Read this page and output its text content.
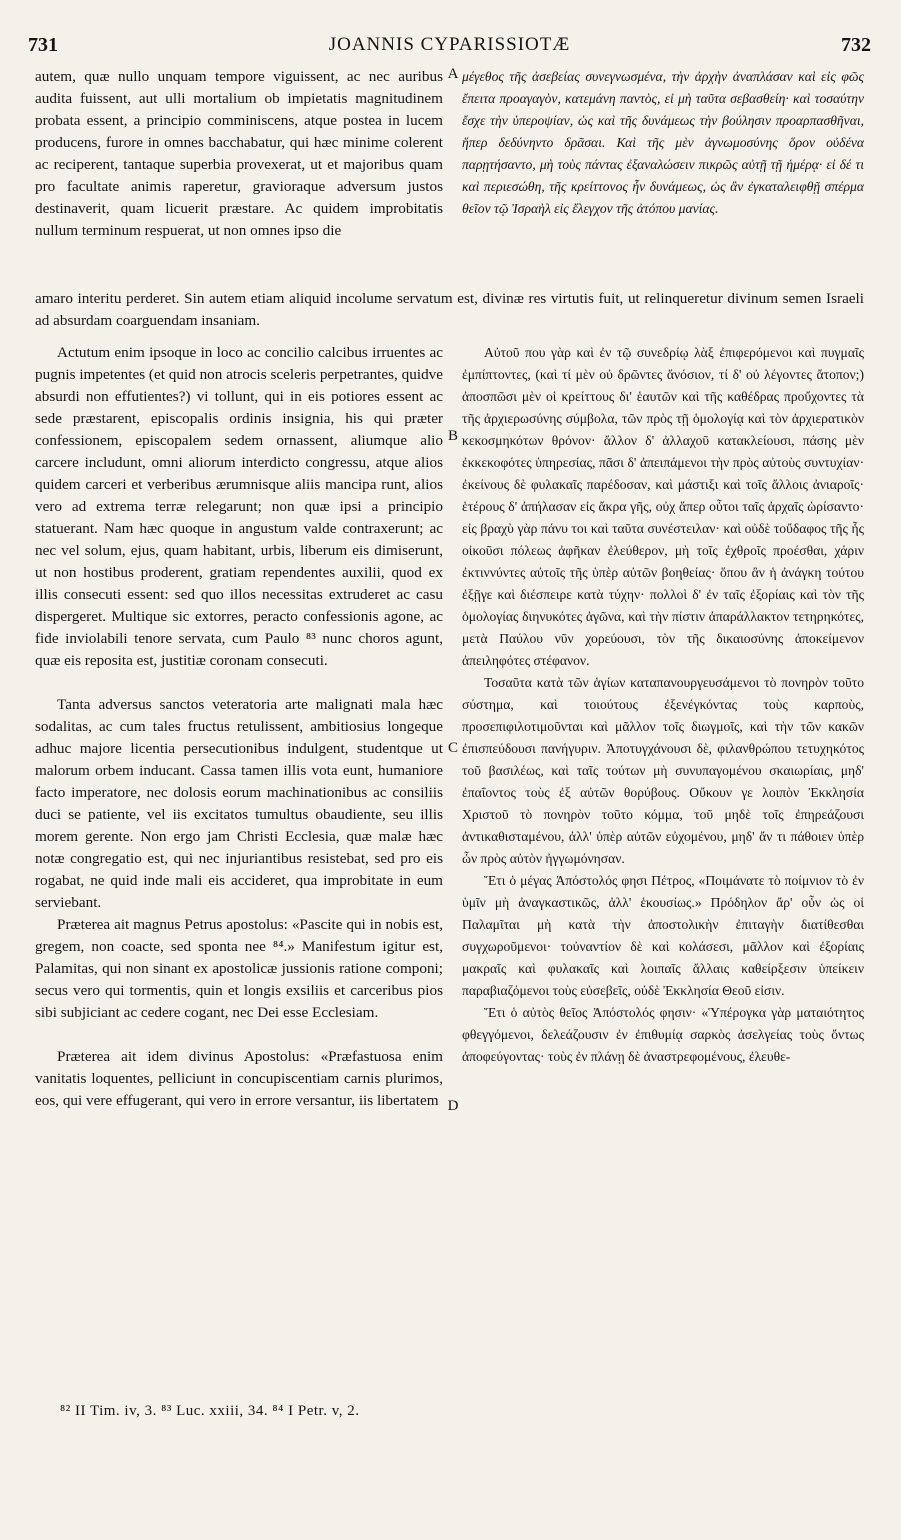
731	JOANNIS CYPARISSIOTÆ	732

autem, quæ nullo unquam tempore viguissent, ac nec auribus audita fuissent, aut ulli mortalium ob impietatis magnitudinem probata essent, a principio comminiscens, atque postea in lucem producens, furore in omnes bacchabatur, qui hæc minime colerent ac reciperent, tantaque superbia provexerat, ut et majoribus quam pro facultate animis raperetur, gravioraque adversum justos destinaverit, quam licuerit præstare. Ac quidem improbitatis nullum terminum respuerat, ut non omnes ipso die

μέγεθος τῆς ἀσεβείας συνεγνωσμένα, τὴν ἀρχὴν ἀναπλάσαν καὶ εἰς φῶς ἔπειτα προαγαγὸν, κατεμάνη παντὸς, εἰ μὴ ταῦτα σεβασθείη· καὶ τοσαύτην ἔσχε τὴν ὑπεροψίαν, ὡς καὶ τῆς δυνάμεως τὴν βούλησιν προαρπασθῆναι, ἥπερ δεδύνηντο δρᾶσαι. Καὶ τῆς μὲν ἀγνωμοσύνης ὅρον οὐδένα παρῃτήσαντο, μὴ τοὺς πάντας ἐξαναλώσειν πικρῶς αὐτῇ τῇ ἡμέρᾳ· εἰ δέ τι καὶ περιεσώθη, τῆς κρείττονος ἦν δυνάμεως, ὡς ἂν ἐγκαταλειφθῇ σπέρμα θεῖον τῷ Ἰσραὴλ εἰς ἔλεγχον τῆς ἀτόπου μανίας.

amaro interitu perderet. Sin autem etiam aliquid incolume servatum est, divinæ res virtutis fuit, ut relinqueretur divinum semen Israeli ad absurdam coarguendam insaniam.

A
B
C
D

Actutum enim ipsoque in loco ac concilio calcibus irruentes ac pugnis impetentes (et quid non atrocis sceleris perpetrantes, quidve absurdi non effutientes?) vi tollunt, qui in eis potiores essent ac sede præstarent, episcopalis ordinis insignia, his qui præter confessionem, episcopalem sedem ornassent, aliumque alio carcere includunt, omni aliorum interdicto congressu, atque alios quidem carceri et verberibus ærumnisque aliis mancipa runt, alios vero ad extrema terræ relegarunt; non quæ ipsi a principio statuerant. Nam hæc quoque in angustum valde contraxerunt; ac nec vel solum, ejus, quam habitant, urbis, liberum eis dimiserunt, ut non hostibus proderent, gratiam rependentes auxilii, quod ex illis consecuti essent: sed quo illos necessitas extruderet ac casu dispergeret. Multique sic extorres, peracto confessionis agone, ac fide inviolabili tenore servata, cum Paulo ⁸³ nunc choros agunt, quæ eis reposita est, justitiæ coronam consecuti.

Tanta adversus sanctos veteratoria arte malignati mala hæc sodalitas, ac cum tales fructus retulissent, ambitiosius longeque adhuc majore licentia persecutionibus indulgent, studentque ut malorum orbem inducant. Cassa tamen illis vota eunt, humaniore facto imperatore, nec dolosis eorum machinationibus ac consiliis duci se patiente, vel iis excitatos tumultus obaudiente, seu illis morem gerente. Non ergo jam Christi Ecclesia, quæ malæ hæc notæ congregatio est, qui nec injuriantibus resistebat, sed pro eis rogabat, ne quid inde mali eis accideret, qua improbitate in eum serviebant.

Præterea ait magnus Petrus apostolus: «Pascite qui in nobis est, gregem, non coacte, sed sponta nee ⁸⁴.» Manifestum igitur est, Palamitas, qui non sinant ex apostolicæ jussionis ratione componi; secus vero qui tormentis, quin et longis exsiliis et carceribus pios sibi subjiciant ac cedere cogant, nec Dei esse Ecclesiam.

Præterea ait idem divinus Apostolus: «Præfastuosa enim vanitatis loquentes, pelliciunt in concupiscentiam carnis plurimos, eos, qui vere effugerant, qui vero in errore versantur, iis libertatem

Αὐτοῦ που γὰρ καὶ ἐν τῷ συνεδρίῳ λὰξ ἐπιφερόμενοι καὶ πυγμαῖς ἐμπίπτοντες, (καὶ τί μὲν οὐ δρῶντες ἄνόσιον, τί δ' οὐ λέγοντες ἄτοπον;) ἀποσπῶσι μὲν οἱ κρείττους δι' ἑαυτῶν καὶ τῆς καθέδρας προὔχοντες τὰ τῆς ἀρχιερωσύνης σύμβολα, τῶν πρὸς τῇ ὁμολογίᾳ καὶ τὸν ἀρχιερατικὸν κεκοσμηκότων θρόνον· ἄλλον δ' ἀλλαχοῦ κατακλείουσι, πάσης μὲν ἐκκεκοφότες ὑπηρεσίας, πᾶσι δ' ἀπειπάμενοι τὴν πρὸς αὐτοὺς συντυχίαν· ἐκείνους δὲ φυλακαῖς παρέδοσαν, καὶ μάστιξι καὶ τοῖς ἄλλοις ἀνιαροῖς· ἑτέρους δ' ἀπήλασαν εἰς ἄκρα γῆς, οὐχ ἅπερ οὗτοι ταῖς ἀρχαῖς ὡρίσαντο· εἰς βραχὺ γὰρ πάνυ τοι καὶ ταῦτα συνέστειλαν· καὶ οὐδὲ τοὔδαφος τῆς ἧς οἰκοῦσι πόλεως ἀφῆκαν ἐλεύθερον, μὴ τοῖς ἐχθροῖς προέσθαι, χάριν ἐκτιννύντες αὐτοῖς τῆς ὑπὲρ αὐτῶν βοηθείας· ὅπου ἂν ἡ ἀνάγκη τούτου ἐξῇγε καὶ διέσπειρε κατὰ τύχην· πολλοὶ δ' ἐν ταῖς ἐξορίαις καὶ τὸν τῆς ὁμολογίας διηνυκότες ἀγῶνα, καὶ τὴν πίστιν ἀπαράλλακτον τετηρηκότες, μετὰ Παύλου νῦν χορεύουσι, τὸν τῆς δικαιοσύνης ἀποκείμενον ἀπειληφότες στέφανον.

Τοσαῦτα κατὰ τῶν ἁγίων καταπανουργευσάμενοι τὸ πονηρὸν τοῦτο σύστημα, καὶ τοιούτους ἐξενέγκόντας τοὺς καρποὺς, προσεπιφιλοτιμοῦνται καὶ μᾶλλον τοῖς διωγμοῖς, καὶ τὴν τῶν κακῶν ἐπισπεύδουσι πανήγυριν. Ἀποτυγχάνουσι δὲ, φιλανθρώπου τετυχηκότος τοῦ βασιλέως, καὶ ταῖς τούτων μὴ συνυπαγομένου σκαιωρίαις, μηδ' ἐπαΐοντος τοὺς ἐξ αὐτῶν θορύβους. Οὔκουν γε λοιπὸν Ἐκκλησία Χριστοῦ τὸ πονηρὸν τοῦτο κόμμα, τοῦ μηδὲ τοῖς ἐπηρεάζουσι ἀντικαθισταμένου, ἀλλ' ὑπὲρ αὐτῶν εὐχομένου, μηδ' ἄν τι πάθοιεν ὑπὲρ ὧν πρὸς αὐτὸν ἠγγωμόνησαν.

Ἔτι ὁ μέγας Ἀπόστολός φησι Πέτρος, «Ποιμάνατε τὸ ποίμνιον τὸ ἐν ὑμῖν μὴ ἀναγκαστικῶς, ἀλλ' ἑκουσίως.» Πρόδηλον ἄρ' οὖν ὡς οἱ Παλαμῖται μὴ κατὰ τὴν ἀποστολικὴν ἐπιταγὴν διατίθεσθαι συγχωροῦμενοι· τοὐναντίον δὲ καὶ κολάσεσι, μᾶλλον καὶ ἐξορίαις μακραῖς καὶ φυλακαῖς καὶ λοιπαῖς ἄλλαις καθείρξεσιν ὑπείκειν παραβιαζόμενοι τοὺς εὐσεβεῖς, οὐδὲ Ἐκκλησία Θεοῦ εἰσιν.

Ἔτι ὁ αὐτὸς θεῖος Ἀπόστολός φησιν· «Ὑπέρογκα γὰρ ματαιότητος φθεγγόμενοι, δελεάζουσιν ἐν ἐπιθυμίᾳ σαρκὸς ἀσελγείας τοὺς ὄντως ἀποφεύγοντας· τοὺς ἐν πλάνῃ δὲ ἀναστρεφομένους, ἐλευθε-

⁸² II Tim. iv, 3. ⁸³ Luc. xxiii, 34. ⁸⁴ I Petr. v, 2.
